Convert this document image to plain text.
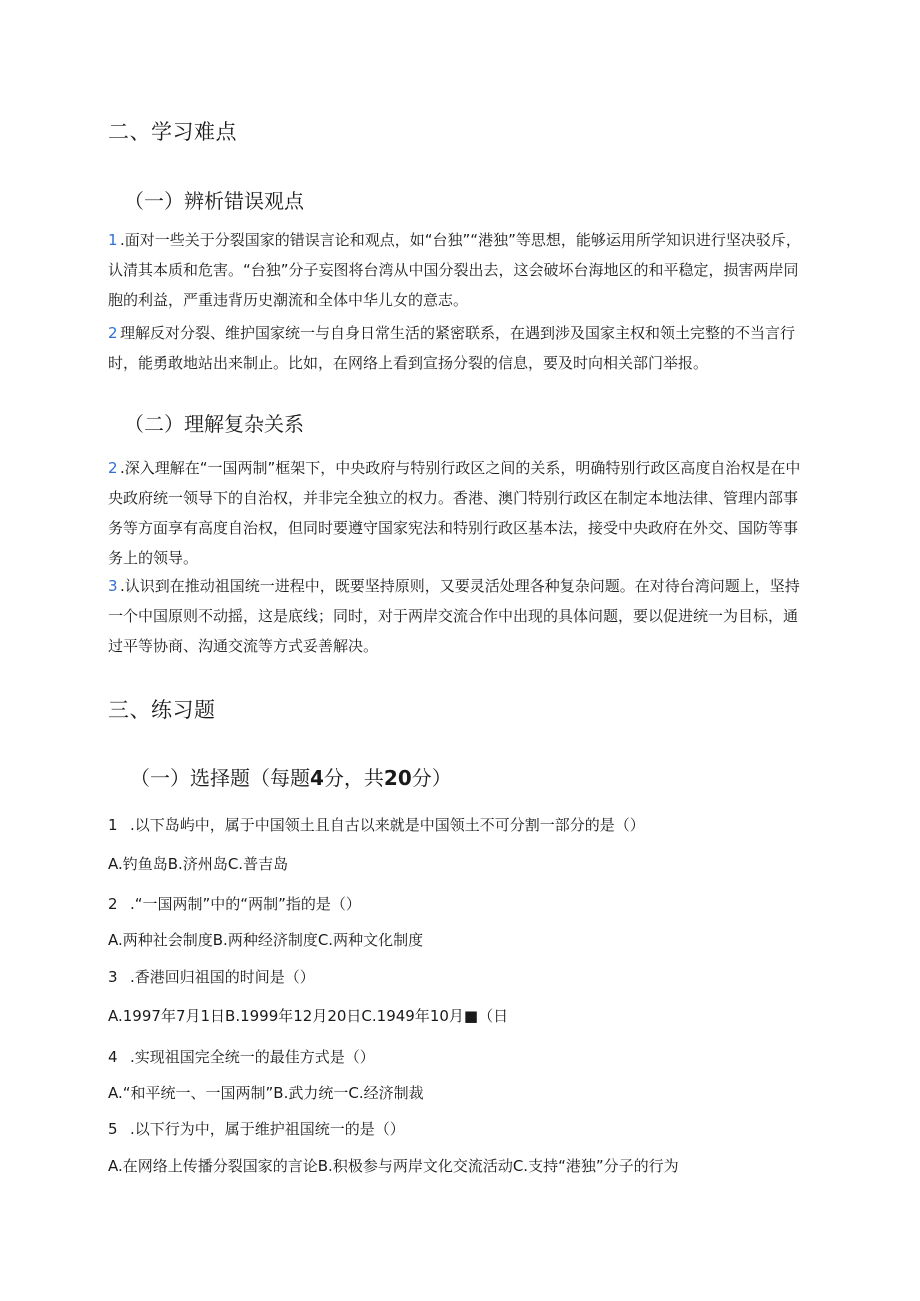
二、学习难点
（一）辨析错误观点
1 .面对一些关于分裂国家的错误言论和观点，如“台独”“港独”等思想，能够运用所学知识进行坚决驳斥，认清其本质和危害。“台独”分子妄图将台湾从中国分裂出去，这会破坏台海地区的和平稳定，损害两岸同胞的利益，严重违背历史潮流和全体中华儿女的意志。
2 理解反对分裂、维护国家统一与自身日常生活的紧密联系，在遇到涉及国家主权和领土完整的不当言行时，能勇敢地站出来制止。比如，在网络上看到宣扬分裂的信息，要及时向相关部门举报。
（二）理解复杂关系
2 .深入理解在“一国两制”框架下，中央政府与特别行政区之间的关系，明确特别行政区高度自治权是在中央政府统一领导下的自治权，并非完全独立的权力。香港、澳门特别行政区在制定本地法律、管理内部事务等方面享有高度自治权，但同时要遵守国家宪法和特别行政区基本法，接受中央政府在外交、国防等事务上的领导。
3 .认识到在推动祖国统一进程中，既要坚持原则，又要灵活处理各种复杂问题。在对待台湾问题上，坚持一个中国原则不动摇，这是底线；同时，对于两岸交流合作中出现的具体问题，要以促进统一为目标，通过平等协商、沟通交流等方式妥善解决。
三、练习题
（一）选择题（每题4分，共20分）
1 .以下岛屿中，属于中国领土且自古以来就是中国领土不可分割一部分的是（）
A.钓鱼岛B.济州岛C.普吉岛
2 .“一国两制”中的“两制”指的是（）
A.两种社会制度B.两种经济制度C.两种文化制度
3 .香港回归祖国的时间是（）
A.1997年7月1日B.1999年12月20日C.1949年10月■（日
4 .实现祖国完全统一的最佳方式是（）
A.“和平统一、一国两制”B.武力统一C.经济制裁
5 .以下行为中，属于维护祖国统一的是（）
A.在网络上传播分裂国家的言论B.积极参与两岸文化交流活动C.支持“港独”分子的行为
